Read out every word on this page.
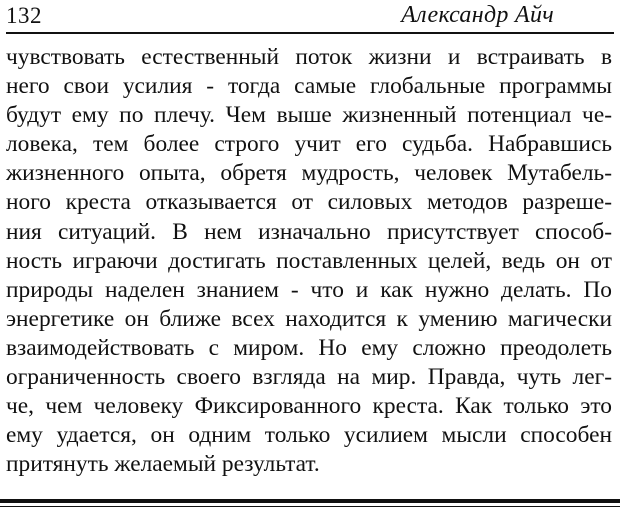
132	Александр Айч
чувствовать естественный поток жизни и встраивать в
него свои усилия - тогда самые глобальные программы
будут ему по плечу. Чем выше жизненный потенциал че-
ловека, тем более строго учит его судьба. Набравшись
жизненного опыта, обретя мудрость, человек Мутабель-
ного креста отказывается от силовых методов разреше-
ния ситуаций. В нем изначально присутствует способ-
ность играючи достигать поставленных целей, ведь он от
природы наделен знанием - что и как нужно делать. По
энергетике он ближе всех находится к умению магически
взаимодействовать с миром. Но ему сложно преодолеть
ограниченность своего взгляда на мир. Правда, чуть лег-
че, чем человеку Фиксированного креста. Как только это
ему удается, он одним только усилием мысли способен
притянуть желаемый результат.
